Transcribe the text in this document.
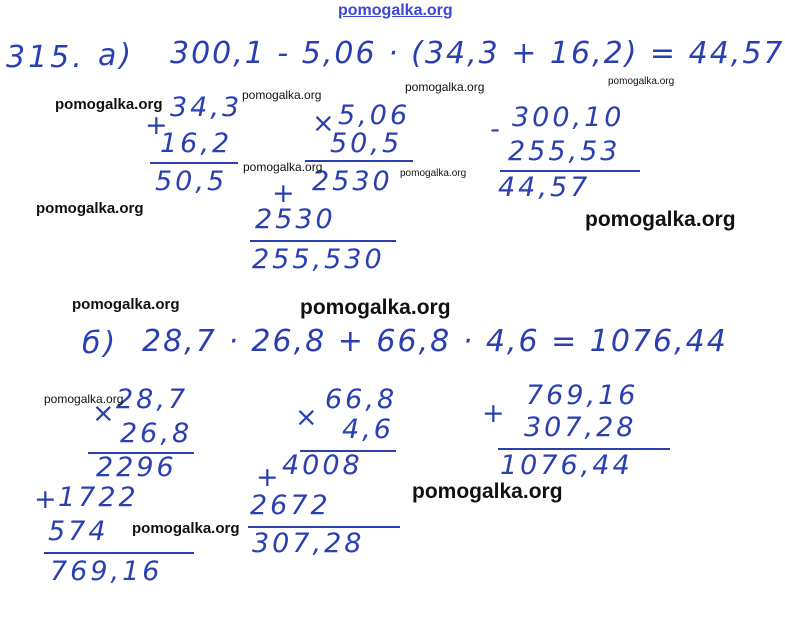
pomogalka.org
315. а) 300,1 - 5,06 · (34,3 + 16,2) = 44,57
+
34,3
16,2
50,5
× 5,06
50,5
+ 2530
2530
255,530
- 300,10
255,53
44,57
б) 28,7 · 26,8 + 66,8 · 4,6 = 1076,44
×
28,7
26,8
2296
+
1722
574
769,16
×
66,8
4,6
+ 4008
2672
307,28
+
769,16
307,28
1076,44
pomogalka.org
pomogalka.org
pomogalka.org	pomogalka.org
pomogalka.org	pomogalka.org
pomogalka.org	pomogalka.org
pomogalka.org	pomogalka.org
pomogalka.org
pomogalka.org
pomogalka.org
